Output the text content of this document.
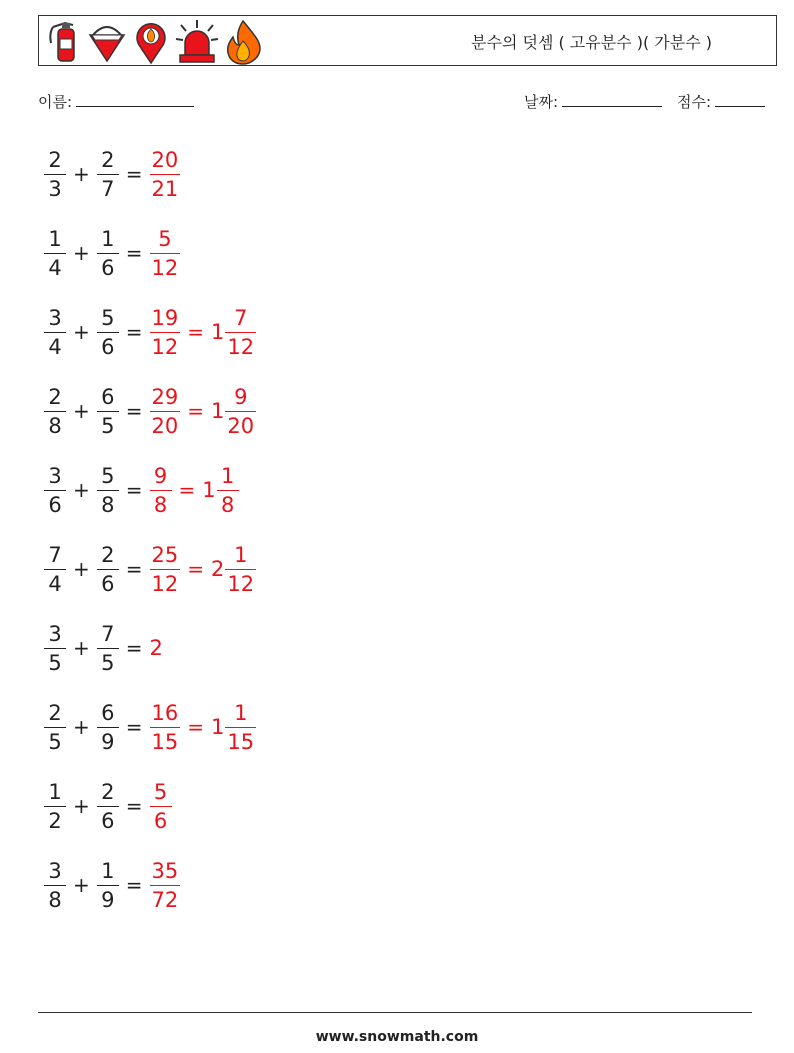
분수의 덧셈 ( 고유분수 )( 가분수 )
이름:	날짜:	점수:
$\frac{2}{3} + \frac{2}{7} = \frac{20}{21}$
$\frac{1}{4} + \frac{1}{6} = \frac{5}{12}$
$\frac{3}{4} + \frac{5}{6} = \frac{19}{12} = 1 \frac{7}{12}$
$\frac{2}{8} + \frac{6}{5} = \frac{29}{20} = 1 \frac{9}{20}$
$\frac{3}{6} + \frac{5}{8} = \frac{9}{8} = 1 \frac{1}{8}$
$\frac{7}{4} + \frac{2}{6} = \frac{25}{12} = 2 \frac{1}{12}$
$\frac{3}{5} + \frac{7}{5} = 2$
$\frac{2}{5} + \frac{6}{9} = \frac{16}{15} = 1 \frac{1}{15}$
$\frac{1}{2} + \frac{2}{6} = \frac{5}{6}$
$\frac{3}{8} + \frac{1}{9} = \frac{35}{72}$
www.snowmath.com
